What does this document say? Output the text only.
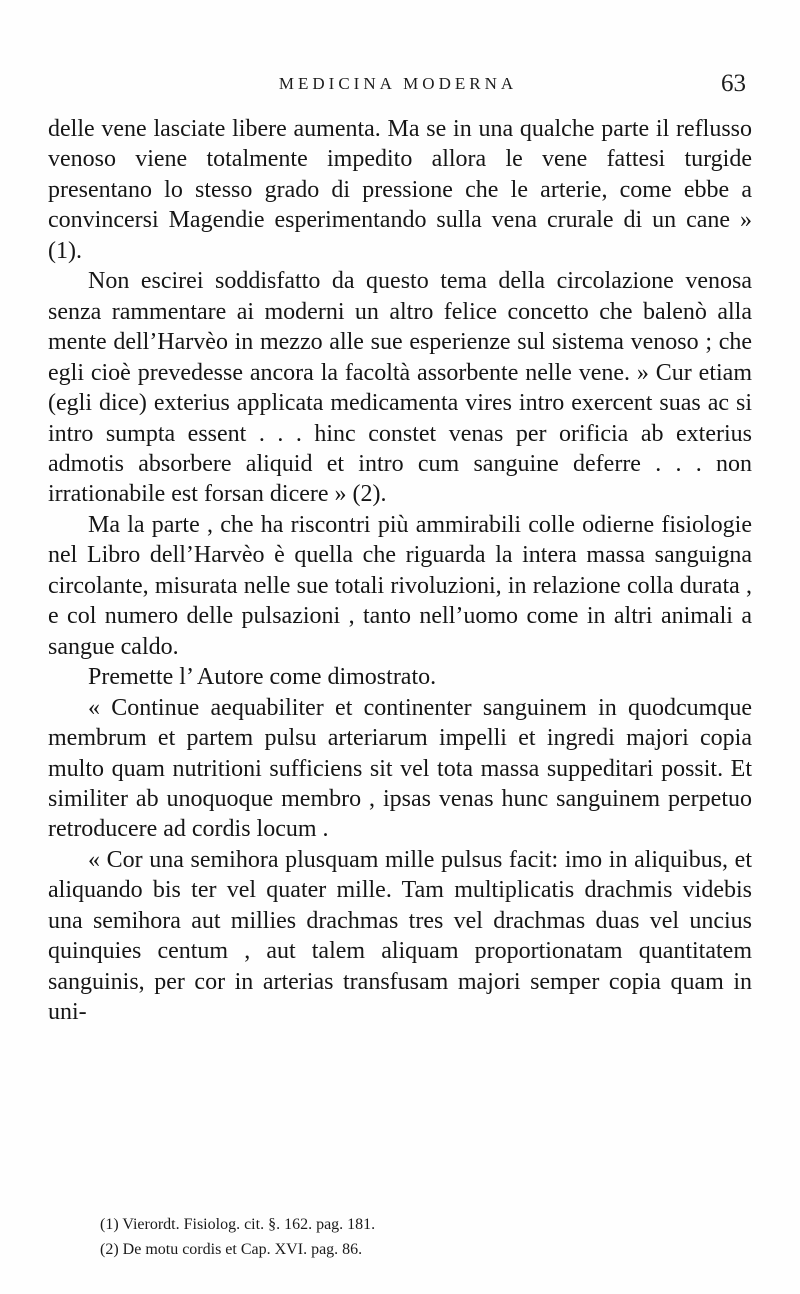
MEDICINA MODERNA	63

delle vene lasciate libere aumenta. Ma se in una qualche parte il reflusso venoso viene totalmente impedito allora le vene fattesi turgide presentano lo stesso grado di pressione che le arterie, come ebbe a convincersi Magendie esperimentando sulla vena crurale di un cane » (1).

Non escirei soddisfatto da questo tema della circolazione venosa senza rammentare ai moderni un altro felice concetto che balenò alla mente dell’Harvèo in mezzo alle sue esperienze sul sistema venoso ; che egli cioè prevedesse ancora la facoltà assorbente nelle vene. » Cur etiam (egli dice) exterius applicata medicamenta vires intro exercent suas ac si intro sumpta essent . . . hinc constet venas per orificia ab exterius admotis absorbere aliquid et intro cum sanguine deferre . . . non irrationabile est forsan dicere » (2).

Ma la parte , che ha riscontri più ammirabili colle odierne fisiologie nel Libro dell’Harvèo è quella che riguarda la intera massa sanguigna circolante, misurata nelle sue totali rivoluzioni, in relazione colla durata , e col numero delle pulsazioni , tanto nell’uomo come in altri animali a sangue caldo.

Premette l’ Autore come dimostrato.

« Continue aequabiliter et continenter sanguinem in quodcumque membrum et partem pulsu arteriarum impelli et ingredi majori copia multo quam nutritioni sufficiens sit vel tota massa suppeditari possit. Et similiter ab unoquoque membro , ipsas venas hunc sanguinem perpetuo retroducere ad cordis locum .

« Cor una semihora plusquam mille pulsus facit: imo in aliquibus, et aliquando bis ter vel quater mille. Tam multiplicatis drachmis videbis una semihora aut millies drachmas tres vel drachmas duas vel uncius quinquies centum , aut talem aliquam proportionatam quantitatem sanguinis, per cor in arterias transfusam majori semper copia quam in uni-

(1) Vierordt. Fisiolog. cit. §. 162. pag. 181.
(2) De motu cordis et Cap. XVI. pag. 86.
